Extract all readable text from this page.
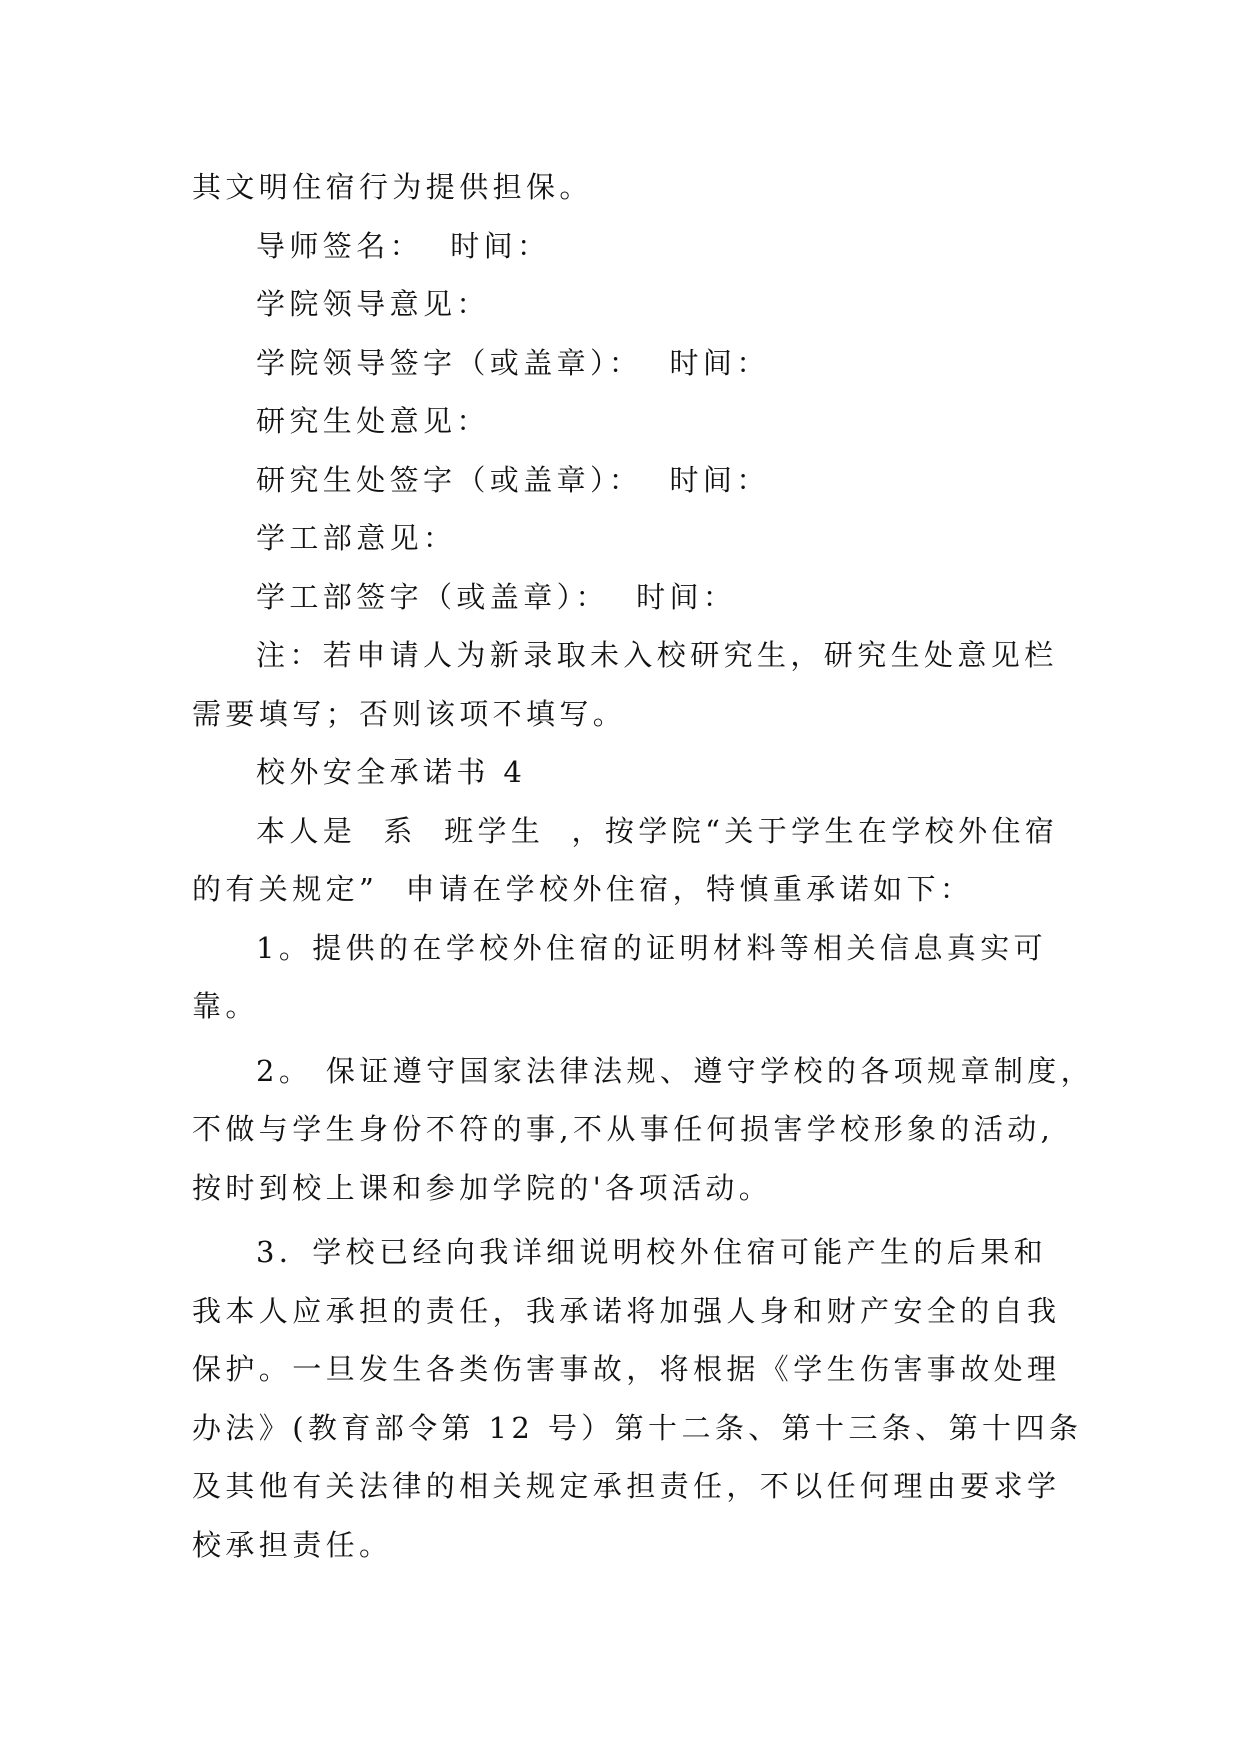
其文明住宿行为提供担保。
导师签名：  时间：
学院领导意见：
学院领导签字（或盖章）：  时间：
研究生处意见：
研究生处签字（或盖章）：  时间：
学工部意见：
学工部签字（或盖章）：  时间：
注：若申请人为新录取未入校研究生，研究生处意见栏
需要填写；否则该项不填写。
校外安全承诺书 4
本人是  系  班学生  ，按学院“关于学生在学校外住宿
的有关规定”  申请在学校外住宿，特慎重承诺如下：
1。提供的在学校外住宿的证明材料等相关信息真实可
靠。
2。 保证遵守国家法律法规、遵守学校的各项规章制度，
不做与学生身份不符的事,不从事任何损害学校形象的活动,
按时到校上课和参加学院的'各项活动。
3．学校已经向我详细说明校外住宿可能产生的后果和
我本人应承担的责任，我承诺将加强人身和财产安全的自我
保护。一旦发生各类伤害事故，将根据《学生伤害事故处理
办法》(教育部令第 12 号）第十二条、第十三条、第十四条
及其他有关法律的相关规定承担责任，不以任何理由要求学
校承担责任。
